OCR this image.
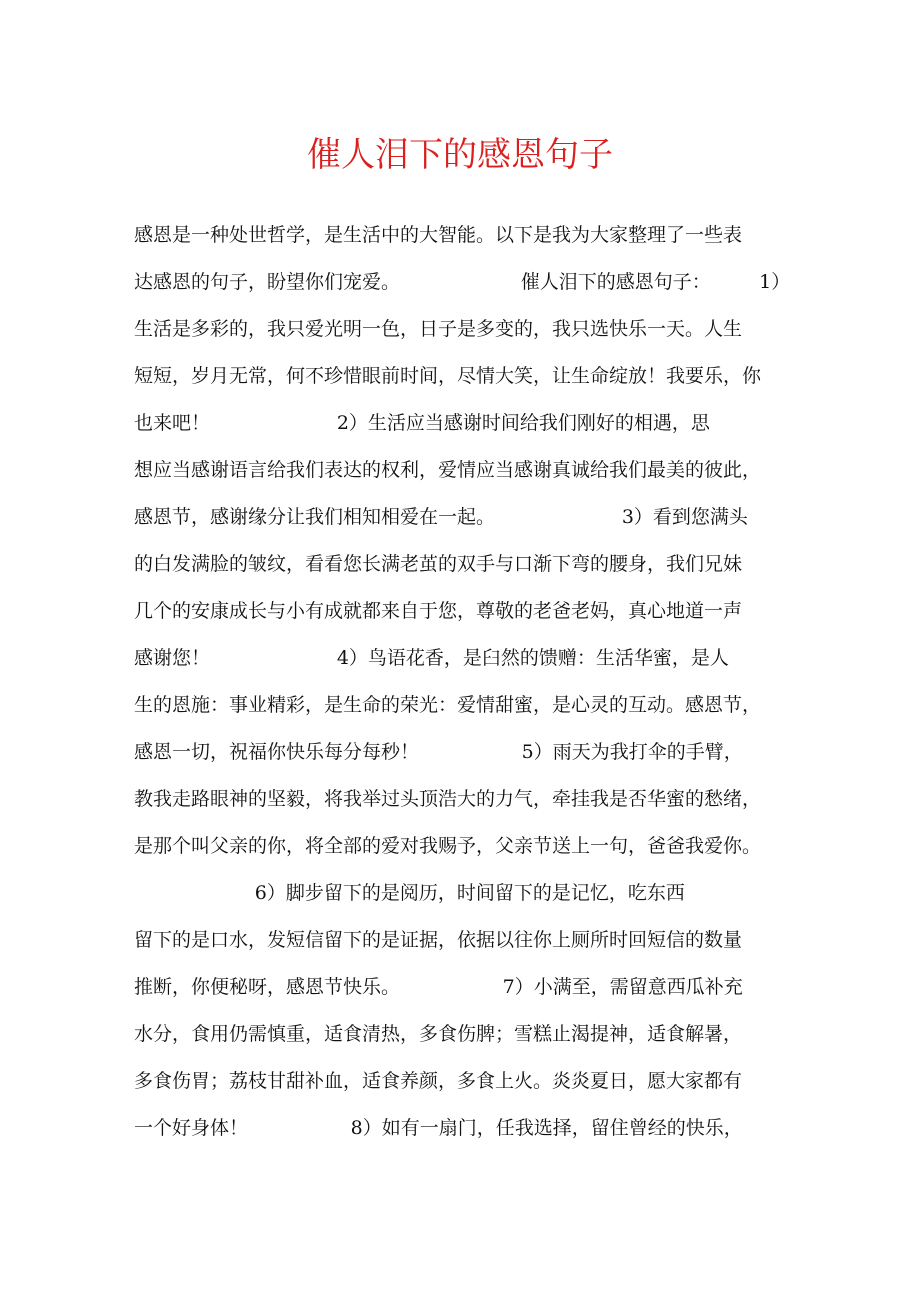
催人泪下的感恩句子
感恩是一种处世哲学，是生活中的大智能。以下是我为大家整理了一些表
达感恩的句子，盼望你们宠爱。                    催人泪下的感恩句子：        1）
生活是多彩的，我只爱光明一色，日子是多变的，我只选快乐一天。人生
短短，岁月无常，何不珍惜眼前时间，尽情大笑，让生命绽放！我要乐，你
也来吧！                     2）生活应当感谢时间给我们刚好的相遇，思
想应当感谢语言给我们表达的权利，爱情应当感谢真诚给我们最美的彼此，
感恩节，感谢缘分让我们相知相爱在一起。                     3）看到您满头
的白发满脸的皱纹，看看您长满老茧的双手与口渐下弯的腰身，我们兄妹
几个的安康成长与小有成就都来自于您，尊敬的老爸老妈，真心地道一声
感谢您！                     4）鸟语花香，是臼然的馈赠：生活华蜜，是人
生的恩施：事业精彩，是生命的荣光：爱情甜蜜，是心灵的互动。感恩节，
感恩一切，祝福你快乐每分每秒！                 5）雨天为我打伞的手臂，
教我走路眼神的坚毅，将我举过头顶浩大的力气，牵挂我是否华蜜的愁绪，
是那个叫父亲的你，将全部的爱对我赐予，父亲节送上一句，爸爸我爱你。
6）脚步留下的是阅历，时间留下的是记忆，吃东西
留下的是口水，发短信留下的是证据，依据以往你上厕所时回短信的数量
推断，你便秘呀，感恩节快乐。                 7）小满至，需留意西瓜补充
水分，食用仍需慎重，适食清热，多食伤脾；雪糕止渴提神，适食解暑，
多食伤胃；荔枝甘甜补血，适食养颜，多食上火。炎炎夏日，愿大家都有
一个好身体！                 8）如有一扇门，任我选择，留住曾经的快乐，
